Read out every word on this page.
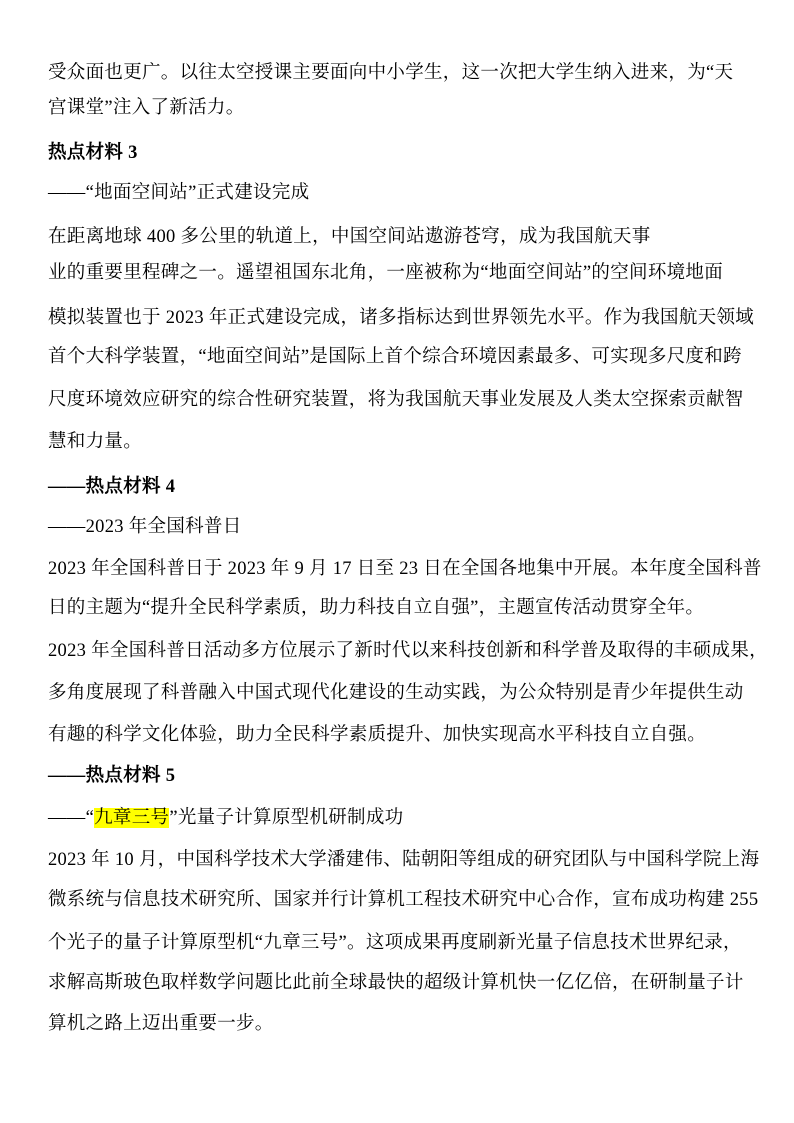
受众面也更广。以往太空授课主要面向中小学生，这一次把大学生纳入进来，为“天
宫课堂”注入了新活力。
热点材料 3
——“地面空间站”正式建设完成
在距离地球 400 多公里的轨道上，中国空间站遨游苍穹，成为我国航天事
业的重要里程碑之一。遥望祖国东北角，一座被称为“地面空间站”的空间环境地面
模拟装置也于 2023 年正式建设完成，诸多指标达到世界领先水平。作为我国航天领域
首个大科学装置，“地面空间站”是国际上首个综合环境因素最多、可实现多尺度和跨
尺度环境效应研究的综合性研究装置，将为我国航天事业发展及人类太空探索贡献智
慧和力量。
——热点材料 4
——2023 年全国科普日
2023 年全国科普日于 2023 年 9 月 17 日至 23 日在全国各地集中开展。本年度全国科普
日的主题为“提升全民科学素质，助力科技自立自强”，主题宣传活动贯穿全年。
2023 年全国科普日活动多方位展示了新时代以来科技创新和科学普及取得的丰硕成果，
多角度展现了科普融入中国式现代化建设的生动实践，为公众特别是青少年提供生动
有趣的科学文化体验，助力全民科学素质提升、加快实现高水平科技自立自强。
——热点材料 5
——“九章三号”光量子计算原型机研制成功
2023 年 10 月，中国科学技术大学潘建伟、陆朝阳等组成的研究团队与中国科学院上海
微系统与信息技术研究所、国家并行计算机工程技术研究中心合作，宣布成功构建 255
个光子的量子计算原型机“九章三号”。这项成果再度刷新光量子信息技术世界纪录，
求解高斯玻色取样数学问题比此前全球最快的超级计算机快一亿亿倍，在研制量子计
算机之路上迈出重要一步。
